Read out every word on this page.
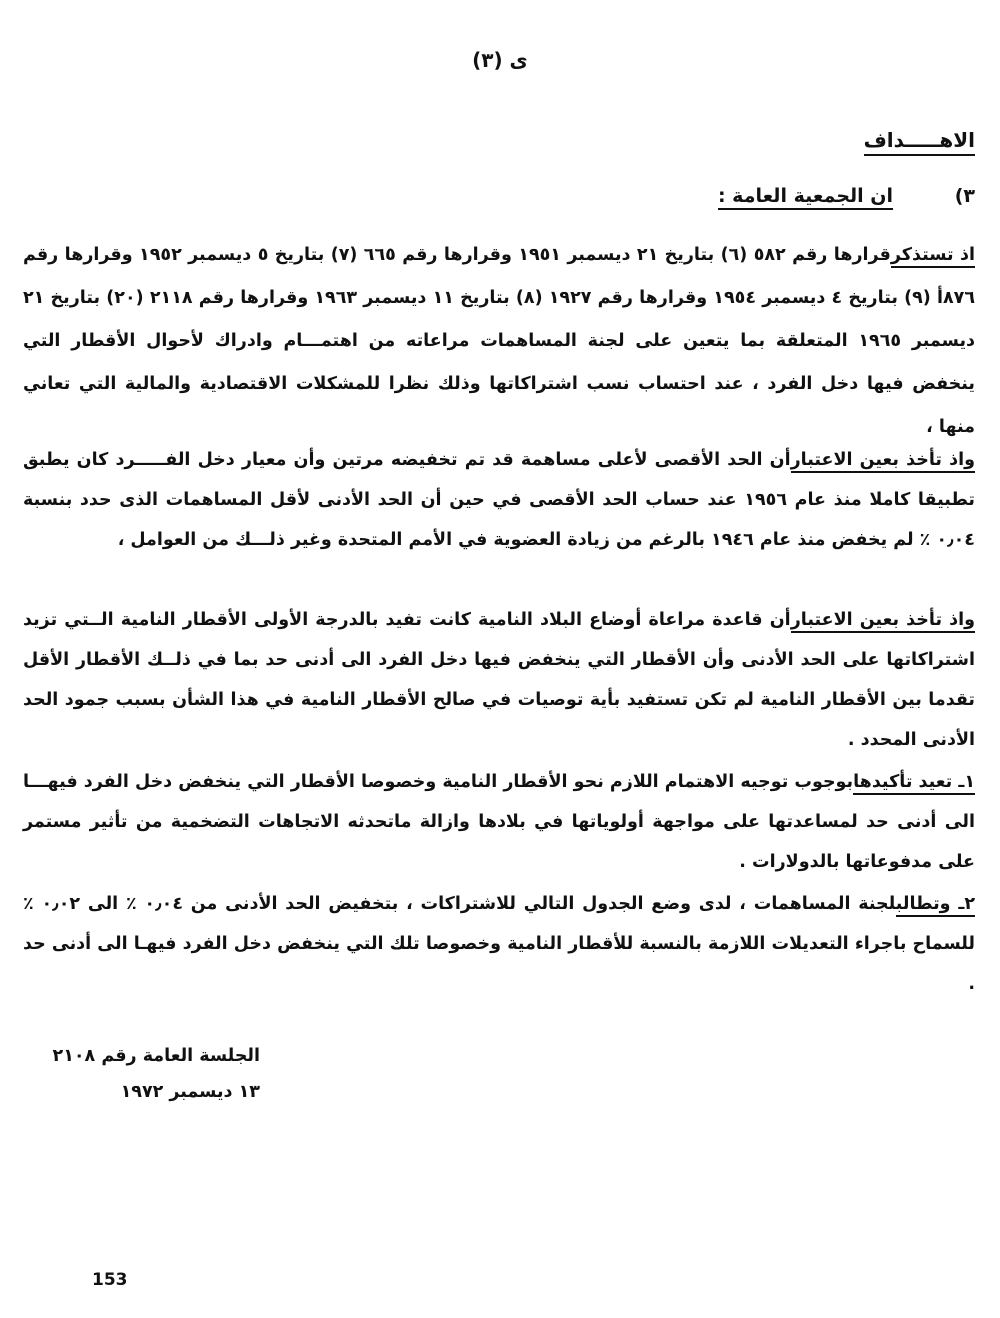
ى (٣)
الاهـــــداف
٣)
ان الجمعية العامة :

اذ تستذكرقرارها رقم ٥٨٢ (٦) بتاريخ ٢١ ديسمبر ١٩٥١ وقرارها رقم ٦٦٥ (٧) بتاريخ ٥ ديسمبر ١٩٥٢ وقرارها رقم ٨٧٦أ (٩) بتاريخ ٤ ديسمبر ١٩٥٤ وقرارها رقم ١٩٢٧ (٨) بتاريخ ١١ ديسمبر ١٩٦٣ وقرارها رقم ٢١١٨ (٢٠) بتاريخ ٢١ ديسمبر ١٩٦٥ المتعلقة بما يتعين على لجنة المساهمات مراعاته من اهتمـــام وادراك لأحوال الأقطار التي ينخفض فيها دخل الفرد ، عند احتساب نسب اشتراكاتها وذلك نظرا للمشكلات الاقتصادية والمالية التي تعاني منها ،

واذ تأخذ بعين الاعتبارأن الحد الأقصى لأعلى مساهمة قد تم تخفيضه مرتين وأن معيار دخل الفـــــرد كان يطبق تطبيقا كاملا منذ عام ١٩٥٦ عند حساب الحد الأقصى في حين أن الحد الأدنى لأقل المساهمات الذى حدد بنسبة ٠٫٠٤ ٪ لم يخفض منذ عام ١٩٤٦ بالرغم من زيادة العضوية في الأمم المتحدة وغير ذلـــك من العوامل ،

واذ تأخذ بعين الاعتبارأن قاعدة مراعاة أوضاع البلاد النامية كانت تفيد بالدرجة الأولى الأقطار النامية الــتي تزيد اشتراكاتها على الحد الأدنى وأن الأقطار التي ينخفض فيها دخل الفرد الى أدنى حد بما في ذلــك الأقطار الأقل تقدما بين الأقطار النامية لم تكن تستفيد بأية توصيات في صالح الأقطار النامية في هذا الشأن بسبب جمود الحد الأدنى المحدد .

١ـ تعيد تأكيدهابوجوب توجيه الاهتمام اللازم نحو الأقطار النامية وخصوصا الأقطار التي ينخفض دخل الفرد فيهـــا الى أدنى حد لمساعدتها على مواجهة أولوياتها في بلادها وازالة ماتحدثه الاتجاهات التضخمية من تأثير مستمر على مدفوعاتها بالدولارات .

٢ـ وتطالبلجنة المساهمات ، لدى وضع الجدول التالي للاشتراكات ، بتخفيض الحد الأدنى من ٠٫٠٤ ٪ الى ٠٫٠٢ ٪ للسماح باجراء التعديلات اللازمة بالنسبة للأقطار النامية وخصوصا تلك التي ينخفض دخل الفرد فيهـا الى أدنى حد .

الجلسة العامة رقم ٢١٠٨
١٣ ديسمبر ١٩٧٢
153
